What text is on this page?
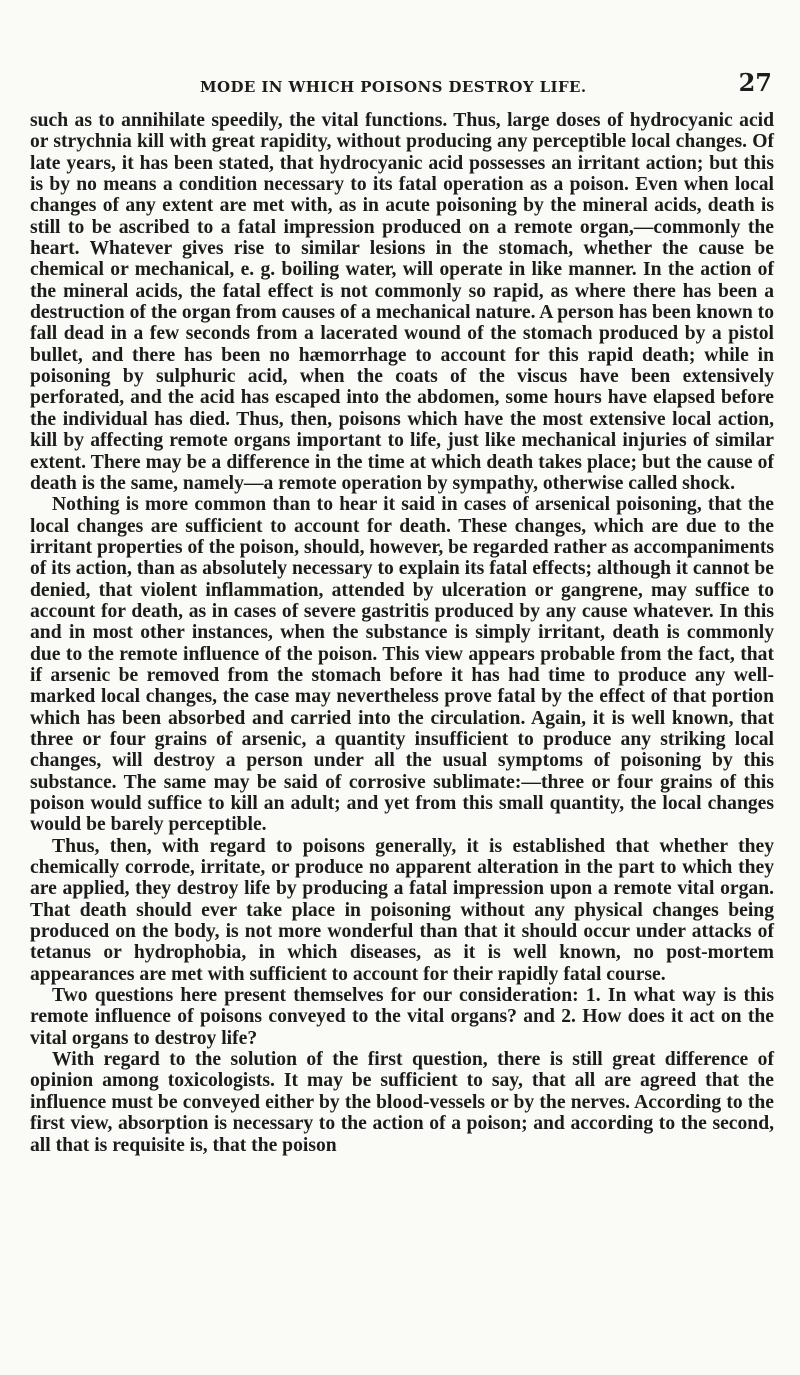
MODE IN WHICH POISONS DESTROY LIFE.	27

such as to annihilate speedily, the vital functions. Thus, large doses of hydrocyanic acid or strychnia kill with great rapidity, without producing any perceptible local changes. Of late years, it has been stated, that hydrocyanic acid possesses an irritant action; but this is by no means a condition necessary to its fatal operation as a poison. Even when local changes of any extent are met with, as in acute poisoning by the mineral acids, death is still to be ascribed to a fatal impression produced on a remote organ,—commonly the heart. Whatever gives rise to similar lesions in the stomach, whether the cause be chemical or mechanical, e. g. boiling water, will operate in like manner. In the action of the mineral acids, the fatal effect is not commonly so rapid, as where there has been a destruction of the organ from causes of a mechanical nature. A person has been known to fall dead in a few seconds from a lacerated wound of the stomach produced by a pistol bullet, and there has been no hæmorrhage to account for this rapid death; while in poisoning by sulphuric acid, when the coats of the viscus have been extensively perforated, and the acid has escaped into the abdomen, some hours have elapsed before the individual has died. Thus, then, poisons which have the most extensive local action, kill by affecting remote organs important to life, just like mechanical injuries of similar extent. There may be a difference in the time at which death takes place; but the cause of death is the same, namely—a remote operation by sympathy, otherwise called shock.

Nothing is more common than to hear it said in cases of arsenical poisoning, that the local changes are sufficient to account for death. These changes, which are due to the irritant properties of the poison, should, however, be regarded rather as accompaniments of its action, than as absolutely necessary to explain its fatal effects; although it cannot be denied, that violent inflammation, attended by ulceration or gangrene, may suffice to account for death, as in cases of severe gastritis produced by any cause whatever. In this and in most other instances, when the substance is simply irritant, death is commonly due to the remote influence of the poison. This view appears probable from the fact, that if arsenic be removed from the stomach before it has had time to produce any well-marked local changes, the case may nevertheless prove fatal by the effect of that portion which has been absorbed and carried into the circulation. Again, it is well known, that three or four grains of arsenic, a quantity insufficient to produce any striking local changes, will destroy a person under all the usual symptoms of poisoning by this substance. The same may be said of corrosive sublimate:—three or four grains of this poison would suffice to kill an adult; and yet from this small quantity, the local changes would be barely perceptible.

Thus, then, with regard to poisons generally, it is established that whether they chemically corrode, irritate, or produce no apparent alteration in the part to which they are applied, they destroy life by producing a fatal impression upon a remote vital organ. That death should ever take place in poisoning without any physical changes being produced on the body, is not more wonderful than that it should occur under attacks of tetanus or hydrophobia, in which diseases, as it is well known, no post-mortem appearances are met with sufficient to account for their rapidly fatal course.

Two questions here present themselves for our consideration: 1. In what way is this remote influence of poisons conveyed to the vital organs? and 2. How does it act on the vital organs to destroy life?

With regard to the solution of the first question, there is still great difference of opinion among toxicologists. It may be sufficient to say, that all are agreed that the influence must be conveyed either by the blood-vessels or by the nerves. According to the first view, absorption is necessary to the action of a poison; and according to the second, all that is requisite is, that the poison
